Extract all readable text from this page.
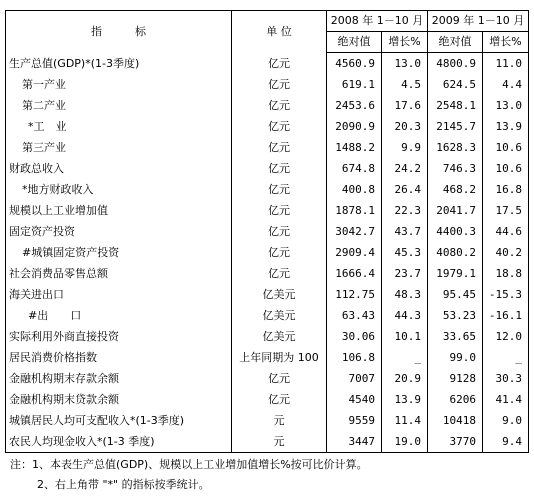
指　　　标	单 位	2008 年 1－10 月		2009 年 1－10 月	
		绝对值	增长%	绝对值	增长%
生产总值(GDP)*(1-3季度)	亿元	4560.9	13.0	4800.9	11.0
第一产业	亿元	619.1	4.5	624.5	4.4
第二产业	亿元	2453.6	17.6	2548.1	13.0
*工　业	亿元	2090.9	20.3	2145.7	13.9
第三产业	亿元	1488.2	9.9	1628.3	10.6
财政总收入	亿元	674.8	24.2	746.3	10.6
*地方财政收入	亿元	400.8	26.4	468.2	16.8
规模以上工业增加值	亿元	1878.1	22.3	2041.7	17.5
固定资产投资	亿元	3042.7	43.7	4400.3	44.6
#城镇固定资产投资	亿元	2909.4	45.3	4080.2	40.2
社会消费品零售总额	亿元	1666.4	23.7	1979.1	18.8
海关进出口	亿美元	112.75	48.3	95.45	-15.3
#出　　口	亿美元	63.43	44.3	53.23	-16.1
实际利用外商直接投资	亿美元	30.06	10.1	33.65	12.0
居民消费价格指数	上年同期为 100	106.8	_	99.0	_
金融机构期末存款余额	亿元	7007	20.9	9128	30.3
金融机构期末贷款余额	亿元	4540	13.9	6206	41.4
城镇居民人均可支配收入*(1-3季度)	元	9559	11.4	10418	9.0
农民人均现金收入*(1-3 季度)	元	3447	19.0	3770	9.4
注：1、本表生产总值(GDP)、规模以上工业增加值增长%按可比价计算。
2、右上角带 "*" 的指标按季统计。
